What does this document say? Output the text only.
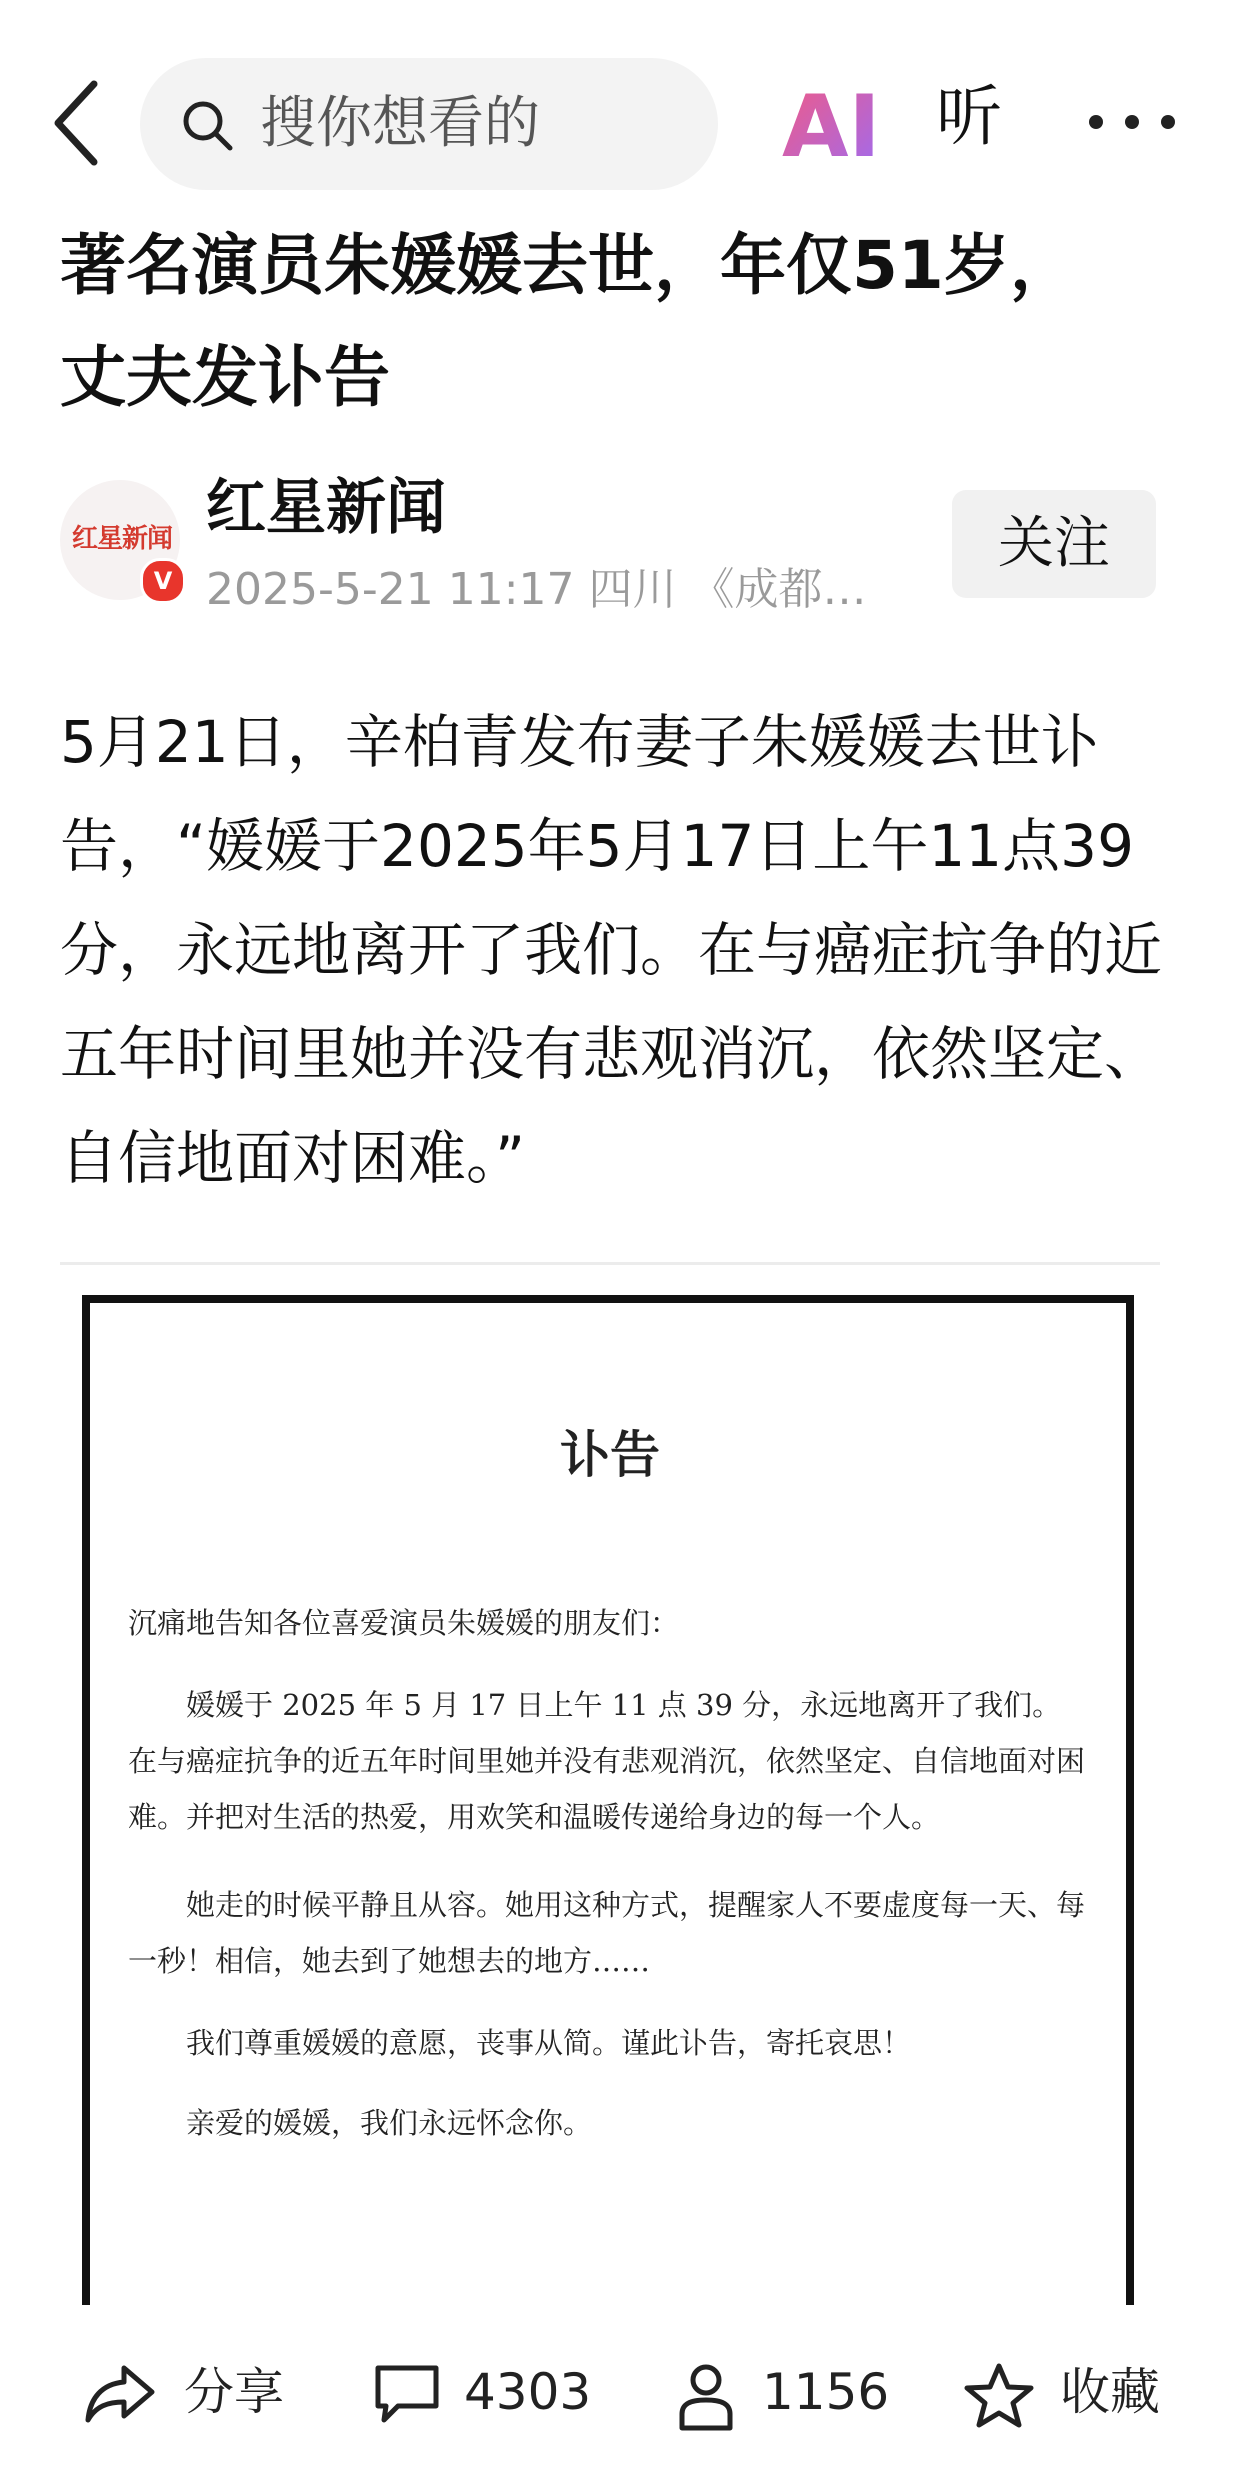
搜你想看的	AI 听
著名演员朱媛媛去世，年仅51岁，丈夫发讣告
红星新闻
V
红星新闻
2025-5-21 11:17 四川 《成都…
关注
5月21日，辛柏青发布妻子朱媛媛去世讣告，“媛媛于2025年5月17日上午11点39分，永远地离开了我们。在与癌症抗争的近五年时间里她并没有悲观消沉，依然坚定、自信地面对困难。”
讣告
沉痛地告知各位喜爱演员朱媛媛的朋友们：
媛媛于 2025 年 5 月 17 日上午 11 点 39 分，永远地离开了我们。在与癌症抗争的近五年时间里她并没有悲观消沉，依然坚定、自信地面对困难。并把对生活的热爱，用欢笑和温暖传递给身边的每一个人。
她走的时候平静且从容。她用这种方式，提醒家人不要虚度每一天、每一秒！相信，她去到了她想去的地方……
我们尊重媛媛的意愿，丧事从简。谨此讣告，寄托哀思！
亲爱的媛媛，我们永远怀念你。
分享	4303	1156	收藏
